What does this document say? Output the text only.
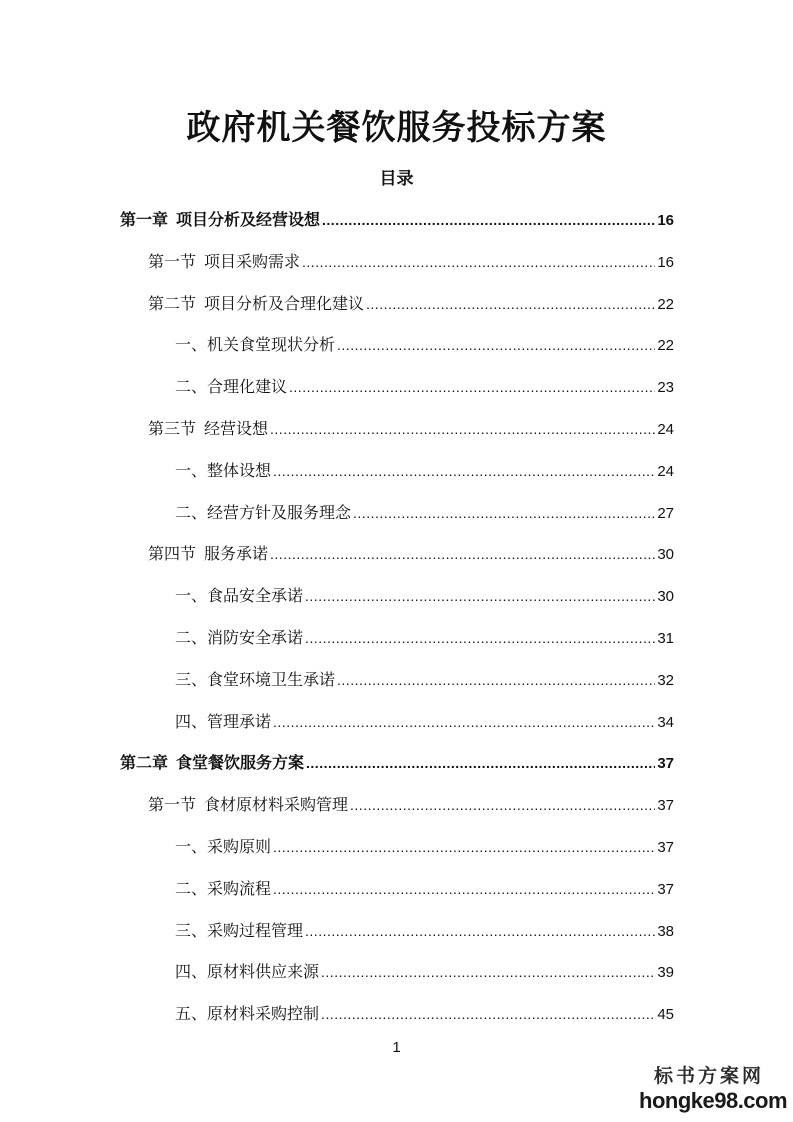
政府机关餐饮服务投标方案
目录
第一章 项目分析及经营设想 .....	16
第一节 项目采购需求 .....	16
第二节 项目分析及合理化建议 .....	22
一、 机关食堂现状分析 .....	22
二、 合理化建议 .....	23
第三节 经营设想 .....	24
一、 整体设想 .....	24
二、 经营方针及服务理念 .....	27
第四节 服务承诺 .....	30
一、 食品安全承诺 .....	30
二、 消防安全承诺 .....	31
三、 食堂环境卫生承诺 .....	32
四、 管理承诺 .....	34
第二章 食堂餐饮服务方案 .....	37
第一节 食材原材料采购管理 .....	37
一、 采购原则 .....	37
二、 采购流程 .....	37
三、 采购过程管理 .....	38
四、 原材料供应来源 .....	39
五、 原材料采购控制 .....	45
1
标书方案网
hongke98.com
